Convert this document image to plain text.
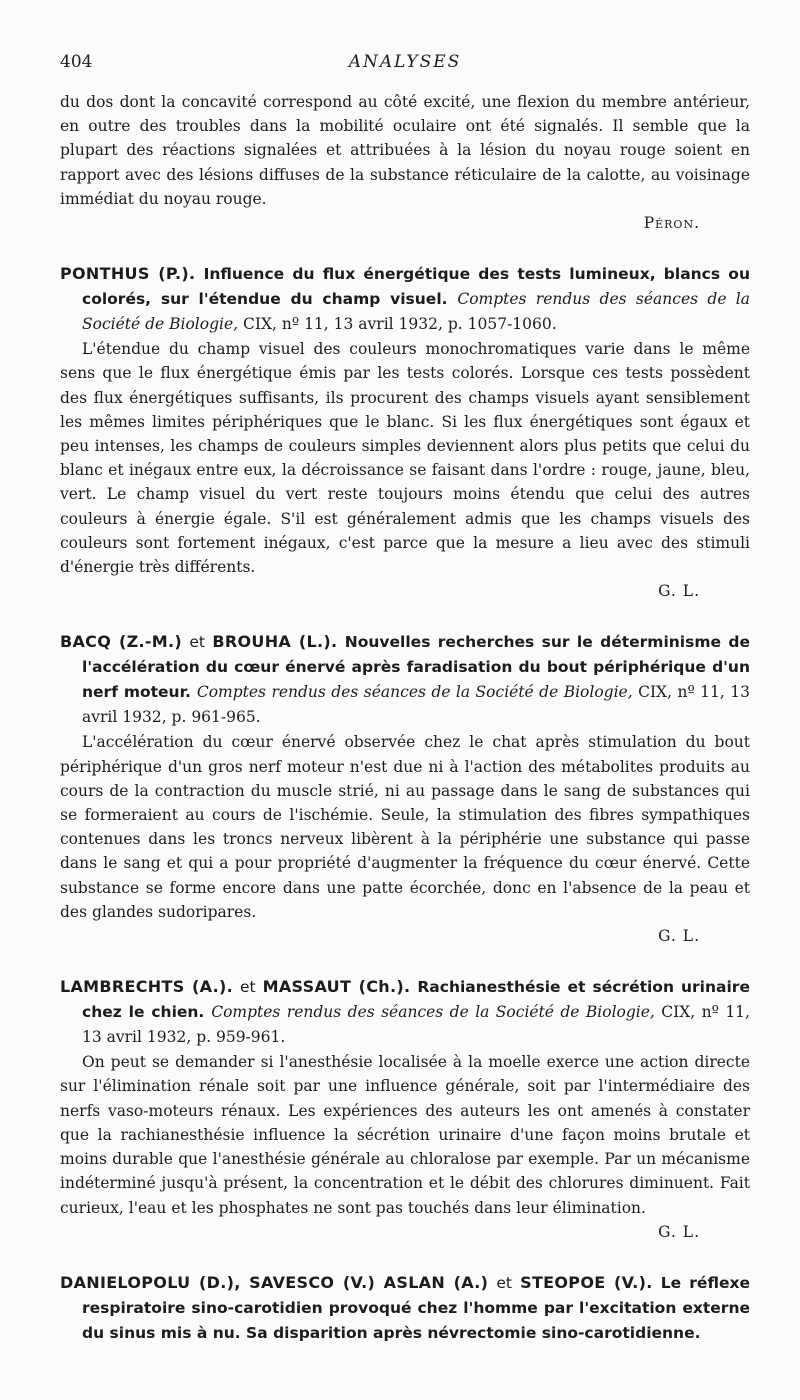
404	ANALYSES

du dos dont la concavité correspond au côté excité, une flexion du membre antérieur, en outre des troubles dans la mobilité oculaire ont été signalés. Il semble que la plupart des réactions signalées et attribuées à la lésion du noyau rouge soient en rapport avec des lésions diffuses de la substance réticulaire de la calotte, au voisinage immédiat du noyau rouge.

Péron.

PONTHUS (P.). Influence du flux énergétique des tests lumineux, blancs ou colorés, sur l'étendue du champ visuel. Comptes rendus des séances de la Société de Biologie, CIX, nº 11, 13 avril 1932, p. 1057-1060.

L'étendue du champ visuel des couleurs monochromatiques varie dans le même sens que le flux énergétique émis par les tests colorés. Lorsque ces tests possèdent des flux énergétiques suffisants, ils procurent des champs visuels ayant sensiblement les mêmes limites périphériques que le blanc. Si les flux énergétiques sont égaux et peu intenses, les champs de couleurs simples deviennent alors plus petits que celui du blanc et inégaux entre eux, la décroissance se faisant dans l'ordre : rouge, jaune, bleu, vert. Le champ visuel du vert reste toujours moins étendu que celui des autres couleurs à énergie égale. S'il est généralement admis que les champs visuels des couleurs sont fortement inégaux, c'est parce que la mesure a lieu avec des stimuli d'énergie très différents.

G. L.

BACQ (Z.-M.) et BROUHA (L.). Nouvelles recherches sur le déterminisme de l'accélération du cœur énervé après faradisation du bout périphérique d'un nerf moteur. Comptes rendus des séances de la Société de Biologie, CIX, nº 11, 13 avril 1932, p. 961-965.

L'accélération du cœur énervé observée chez le chat après stimulation du bout périphérique d'un gros nerf moteur n'est due ni à l'action des métabolites produits au cours de la contraction du muscle strié, ni au passage dans le sang de substances qui se formeraient au cours de l'ischémie. Seule, la stimulation des fibres sympathiques contenues dans les troncs nerveux libèrent à la périphérie une substance qui passe dans le sang et qui a pour propriété d'augmenter la fréquence du cœur énervé. Cette substance se forme encore dans une patte écorchée, donc en l'absence de la peau et des glandes sudoripares.

G. L.

LAMBRECHTS (A.). et MASSAUT (Ch.). Rachianesthésie et sécrétion urinaire chez le chien. Comptes rendus des séances de la Société de Biologie, CIX, nº 11, 13 avril 1932, p. 959-961.

On peut se demander si l'anesthésie localisée à la moelle exerce une action directe sur l'élimination rénale soit par une influence générale, soit par l'intermédiaire des nerfs vaso-moteurs rénaux. Les expériences des auteurs les ont amenés à constater que la rachianesthésie influence la sécrétion urinaire d'une façon moins brutale et moins durable que l'anesthésie générale au chloralose par exemple. Par un mécanisme indéterminé jusqu'à présent, la concentration et le débit des chlorures diminuent. Fait curieux, l'eau et les phosphates ne sont pas touchés dans leur élimination.

G. L.

DANIELOPOLU (D.), SAVESCO (V.) ASLAN (A.) et STEOPOE (V.). Le réflexe respiratoire sino-carotidien provoqué chez l'homme par l'excitation externe du sinus mis à nu. Sa disparition après névrectomie sino-carotidienne.
